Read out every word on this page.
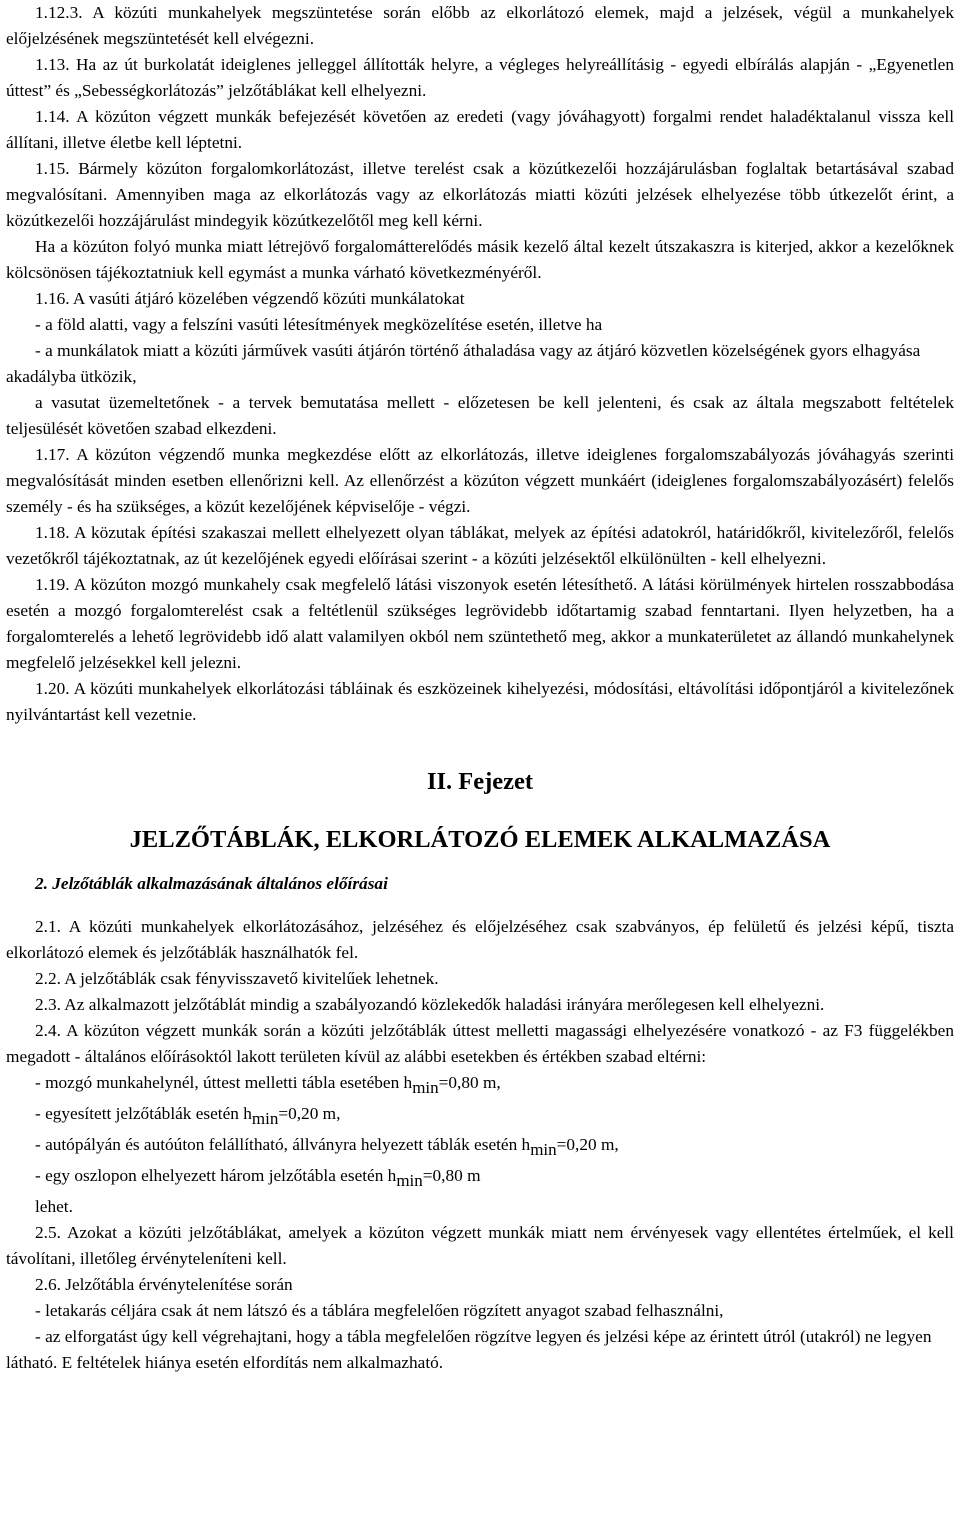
1.12.3. A közúti munkahelyek megszüntetése során előbb az elkorlátozó elemek, majd a jelzések, végül a munkahelyek előjelzésének megszüntetését kell elvégezni.

1.13. Ha az út burkolatát ideiglenes jelleggel állították helyre, a végleges helyreállításig - egyedi elbírálás alapján - „Egyenetlen úttest” és „Sebességkorlátozás” jelzőtáblákat kell elhelyezni.

1.14. A közúton végzett munkák befejezését követően az eredeti (vagy jóváhagyott) forgalmi rendet haladéktalanul vissza kell állítani, illetve életbe kell léptetni.

1.15. Bármely közúton forgalomkorlátozást, illetve terelést csak a közútkezelői hozzájárulásban foglaltak betartásával szabad megvalósítani. Amennyiben maga az elkorlátozás vagy az elkorlátozás miatti közúti jelzések elhelyezése több útkezelőt érint, a közútkezelői hozzájárulást mindegyik közútkezelőtől meg kell kérni.

Ha a közúton folyó munka miatt létrejövő forgalomátterelődés másik kezelő által kezelt útszakaszra is kiterjed, akkor a kezelőknek kölcsönösen tájékoztatniuk kell egymást a munka várható következményéről.

1.16. A vasúti átjáró közelében végzendő közúti munkálatokat

- a föld alatti, vagy a felszíni vasúti létesítmények megközelítése esetén, illetve ha

- a munkálatok miatt a közúti járművek vasúti átjárón történő áthaladása vagy az átjáró közvetlen közelségének gyors elhagyása akadályba ütközik,

a vasutat üzemeltetőnek - a tervek bemutatása mellett - előzetesen be kell jelenteni, és csak az általa megszabott feltételek teljesülését követően szabad elkezdeni.

1.17. A közúton végzendő munka megkezdése előtt az elkorlátozás, illetve ideiglenes forgalomszabályozás jóváhagyás szerinti megvalósítását minden esetben ellenőrizni kell. Az ellenőrzést a közúton végzett munkáért (ideiglenes forgalomszabályozásért) felelős személy - és ha szükséges, a közút kezelőjének képviselője - végzi.

1.18. A közutak építési szakaszai mellett elhelyezett olyan táblákat, melyek az építési adatokról, határidőkről, kivitelezőről, felelős vezetőkről tájékoztatnak, az út kezelőjének egyedi előírásai szerint - a közúti jelzésektől elkülönülten - kell elhelyezni.

1.19. A közúton mozgó munkahely csak megfelelő látási viszonyok esetén létesíthető. A látási körülmények hirtelen rosszabbodása esetén a mozgó forgalomterelést csak a feltétlenül szükséges legrövidebb időtartamig szabad fenntartani. Ilyen helyzetben, ha a forgalomterelés a lehető legrövidebb idő alatt valamilyen okból nem szüntethető meg, akkor a munkaterületet az állandó munkahelynek megfelelő jelzésekkel kell jelezni.

1.20. A közúti munkahelyek elkorlátozási tábláinak és eszközeinek kihelyezési, módosítási, eltávolítási időpontjáról a kivitelezőnek nyilvántartást kell vezetnie.

II. Fejezet
JELZŐTÁBLÁK, ELKORLÁTOZÓ ELEMEK ALKALMAZÁSA
2. Jelzőtáblák alkalmazásának általános előírásai

2.1. A közúti munkahelyek elkorlátozásához, jelzéséhez és előjelzéséhez csak szabványos, ép felületű és jelzési képű, tiszta elkorlátozó elemek és jelzőtáblák használhatók fel.

2.2. A jelzőtáblák csak fényvisszavető kivitelűek lehetnek.

2.3. Az alkalmazott jelzőtáblát mindig a szabályozandó közlekedők haladási irányára merőlegesen kell elhelyezni.

2.4. A közúton végzett munkák során a közúti jelzőtáblák úttest melletti magassági elhelyezésére vonatkozó - az F3 függelékben megadott - általános előírásoktól lakott területen kívül az alábbi esetekben és értékben szabad eltérni:

- mozgó munkahelynél, úttest melletti tábla esetében hmin=0,80 m,

- egyesített jelzőtáblák esetén hmin=0,20 m,

- autópályán és autóúton felállítható, állványra helyezett táblák esetén hmin=0,20 m,

- egy oszlopon elhelyezett három jelzőtábla esetén hmin=0,80 m

lehet.

2.5. Azokat a közúti jelzőtáblákat, amelyek a közúton végzett munkák miatt nem érvényesek vagy ellentétes értelműek, el kell távolítani, illetőleg érvényteleníteni kell.

2.6. Jelzőtábla érvénytelenítése során

- letakarás céljára csak át nem látszó és a táblára megfelelően rögzített anyagot szabad felhasználni,

- az elforgatást úgy kell végrehajtani, hogy a tábla megfelelően rögzítve legyen és jelzési képe az érintett útról (utakról) ne legyen látható. E feltételek hiánya esetén elfordítás nem alkalmazható.
